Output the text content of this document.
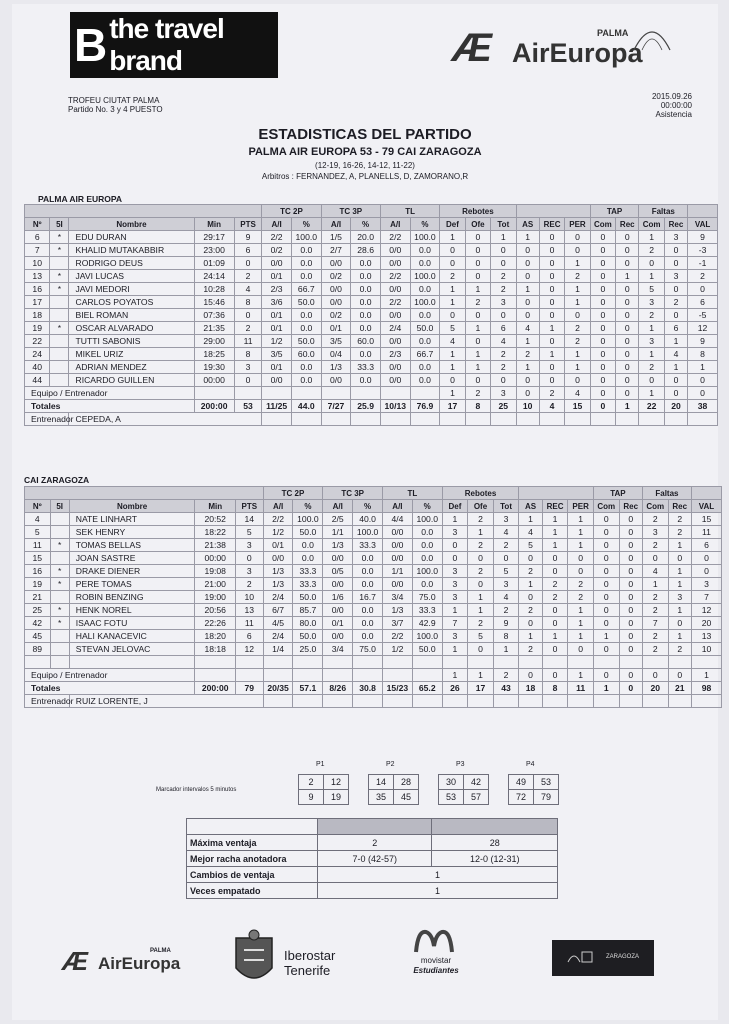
B the travel brand	Æ AirEuropa
PALMA
TROFEU CIUTAT PALMA
Partido No. 3 y 4 PUESTO
2015.09.26
00:00:00
Asistencia
ESTADISTICAS DEL PARTIDO
PALMA AIR EUROPA 53 - 79 CAI ZARAGOZA
(12-19, 16-26, 14-12, 11-22)
Arbitros : FERNANDEZ, A, PLANELLS, D, ZAMORANO,R
PALMA AIR EUROPA
					TC 2P		TC 3P		TL		Rebotes						TAP		Faltas		
Nº	5I	Nombre	Min	PTS	A/I	%	A/I	%	A/I	%	Def	Ofe	Tot	AS	REC	PER	Com	Rec	Com	Rec	VAL
6	*	EDU DURAN	29:17	9	2/2	100.0	1/5	20.0	2/2	100.0	1	0	1	1	0	0	0	0	1	3	9
7	*	KHALID MUTAKABBIR	23:00	6	0/2	0.0	2/7	28.6	0/0	0.0	0	0	0	0	0	0	0	0	2	0	-3
10		RODRIGO DEUS	01:09	0	0/0	0.0	0/0	0.0	0/0	0.0	0	0	0	0	0	1	0	0	0	0	-1
13	*	JAVI LUCAS	24:14	2	0/1	0.0	0/2	0.0	2/2	100.0	2	0	2	0	0	2	0	1	1	3	2
16	*	JAVI MEDORI	10:28	4	2/3	66.7	0/0	0.0	0/0	0.0	1	1	2	1	0	1	0	0	5	0	0
17		CARLOS POYATOS	15:46	8	3/6	50.0	0/0	0.0	2/2	100.0	1	2	3	0	0	1	0	0	3	2	6
18		BIEL ROMAN	07:36	0	0/1	0.0	0/2	0.0	0/0	0.0	0	0	0	0	0	0	0	0	2	0	-5
19	*	OSCAR ALVARADO	21:35	2	0/1	0.0	0/1	0.0	2/4	50.0	5	1	6	4	1	2	0	0	1	6	12
22		TUTTI SABONIS	29:00	11	1/2	50.0	3/5	60.0	0/0	0.0	4	0	4	1	0	2	0	0	3	1	9
24		MIKEL URIZ	18:25	8	3/5	60.0	0/4	0.0	2/3	66.7	1	1	2	2	1	1	0	0	1	4	8
40		ADRIAN MENDEZ	19:30	3	0/1	0.0	1/3	33.3	0/0	0.0	1	1	2	1	0	1	0	0	2	1	1
44		RICARDO GUILLEN	00:00	0	0/0	0.0	0/0	0.0	0/0	0.0	0	0	0	0	0	0	0	0	0	0	0
Equipo / Entrenador											1	2	3	0	2	4	0	0	1	0	0
Totales			200:00	53	11/25	44.0	7/27	25.9	10/13	76.9	17	8	25	10	4	15	0	1	22	20	38
Entrenador		CEPEDA, A																			
CAI ZARAGOZA
					TC 2P		TC 3P		TL		Rebotes						TAP		Faltas		
Nº	5I	Nombre	Min	PTS	A/I	%	A/I	%	A/I	%	Def	Ofe	Tot	AS	REC	PER	Com	Rec	Com	Rec	VAL
4		NATE LINHART	20:52	14	2/2	100.0	2/5	40.0	4/4	100.0	1	2	3	1	1	1	0	0	2	2	15
5		SEK HENRY	18:22	5	1/2	50.0	1/1	100.0	0/0	0.0	3	1	4	4	1	1	0	0	3	2	11
11	*	TOMAS BELLAS	21:38	3	0/1	0.0	1/3	33.3	0/0	0.0	0	2	2	5	1	1	0	0	2	1	6
15		JOAN SASTRE	00:00	0	0/0	0.0	0/0	0.0	0/0	0.0	0	0	0	0	0	0	0	0	0	0	0
16	*	DRAKE DIENER	19:08	3	1/3	33.3	0/5	0.0	1/1	100.0	3	2	5	2	0	0	0	0	4	1	0
19	*	PERE TOMAS	21:00	2	1/3	33.3	0/0	0.0	0/0	0.0	3	0	3	1	2	2	0	0	1	1	3
21		ROBIN BENZING	19:00	10	2/4	50.0	1/6	16.7	3/4	75.0	3	1	4	0	2	2	0	0	2	3	7
25	*	HENK NOREL	20:56	13	6/7	85.7	0/0	0.0	1/3	33.3	1	1	2	2	0	1	0	0	2	1	12
42	*	ISAAC FOTU	22:26	11	4/5	80.0	0/1	0.0	3/7	42.9	7	2	9	0	0	1	0	0	7	0	20
45		HALI KANACEVIC	18:20	6	2/4	50.0	0/0	0.0	2/2	100.0	3	5	8	1	1	1	1	0	2	1	13
89		STEVAN JELOVAC	18:18	12	1/4	25.0	3/4	75.0	1/2	50.0	1	0	1	2	0	0	0	0	2	2	10

Equipo / Entrenador											1	1	2	0	0	1	0	0	0	0	1
Totales			200:00	79	20/35	57.1	8/26	30.8	15/23	65.2	26	17	43	18	8	11	1	0	20	21	98
Entrenador		RUIZ LORENTE, J																			
Marcador intervalos 5 minutos
P1
2	12
9	19
P2
14	28
35	45
P3
30	42
53	57
P4
49	53
72	79

Máxima ventaja	2	28
Mejor racha anotadora	7-0 (42-57)	12-0 (12-31)
Cambios de ventaja	1	
Veces empatado	1	
Æ AirEuropa
PALMA	Iberostar
Tenerife
movistar
Estudiantes
ZARAGOZA
